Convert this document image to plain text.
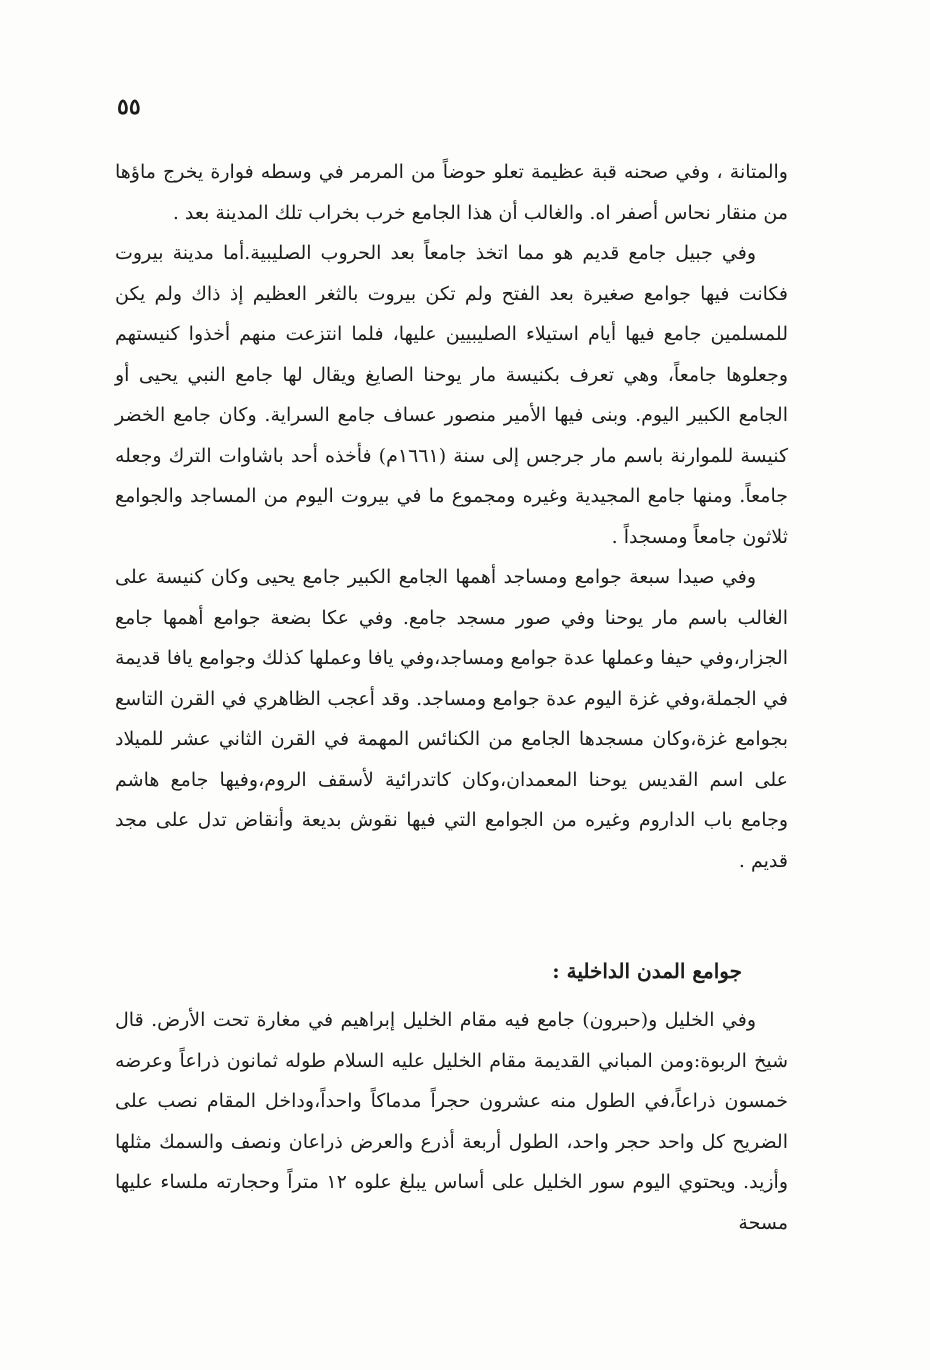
٥٥

والمتانة ، وفي صحنه قبة عظيمة تعلو حوضاً من المرمر في وسطه فوارة يخرج ماؤها من منقار نحاس أصفر اه. والغالب أن هذا الجامع خرب بخراب تلك المدينة بعد .

وفي جبيل جامع قديم هو مما اتخذ جامعاً بعد الحروب الصليبية.أما مدينة بيروت فكانت فيها جوامع صغيرة بعد الفتح ولم تكن بيروت بالثغر العظيم إذ ذاك ولم يكن للمسلمين جامع فيها أيام استيلاء الصليبيين عليها، فلما انتزعت منهم أخذوا كنيستهم وجعلوها جامعاً، وهي تعرف بكنيسة مار يوحنا الصايغ ويقال لها جامع النبي يحيى أو الجامع الكبير اليوم. وبنى فيها الأمير منصور عساف جامع السراية. وكان جامع الخضر كنيسة للموارنة باسم مار جرجس إلى سنة (١٦٦١م) فأخذه أحد باشاوات الترك وجعله جامعاً. ومنها جامع المجيدية وغيره ومجموع ما في بيروت اليوم من المساجد والجوامع ثلاثون جامعاً ومسجداً .

وفي صيدا سبعة جوامع ومساجد أهمها الجامع الكبير جامع يحيى وكان كنيسة على الغالب باسم مار يوحنا وفي صور مسجد جامع. وفي عكا بضعة جوامع أهمها جامع الجزار،وفي حيفا وعملها عدة جوامع ومساجد،وفي يافا وعملها كذلك وجوامع يافا قديمة في الجملة،وفي غزة اليوم عدة جوامع ومساجد. وقد أعجب الظاهري في القرن التاسع بجوامع غزة،وكان مسجدها الجامع من الكنائس المهمة في القرن الثاني عشر للميلاد على اسم القديس يوحنا المعمدان،وكان كاتدرائية لأسقف الروم،وفيها جامع هاشم وجامع باب الداروم وغيره من الجوامع التي فيها نقوش بديعة وأنقاض تدل على مجد قديم .

جوامع المدن الداخلية :

وفي الخليل و(حبرون) جامع فيه مقام الخليل إبراهيم في مغارة تحت الأرض. قال شيخ الربوة:ومن المباني القديمة مقام الخليل عليه السلام طوله ثمانون ذراعاً وعرضه خمسون ذراعاً،في الطول منه عشرون حجراً مدماكاً واحداً،وداخل المقام نصب على الضريح كل واحد حجر واحد، الطول أربعة أذرع والعرض ذراعان ونصف والسمك مثلها وأزيد. ويحتوي اليوم سور الخليل على أساس يبلغ علوه ١٢ متراً وحجارته ملساء عليها مسحة
